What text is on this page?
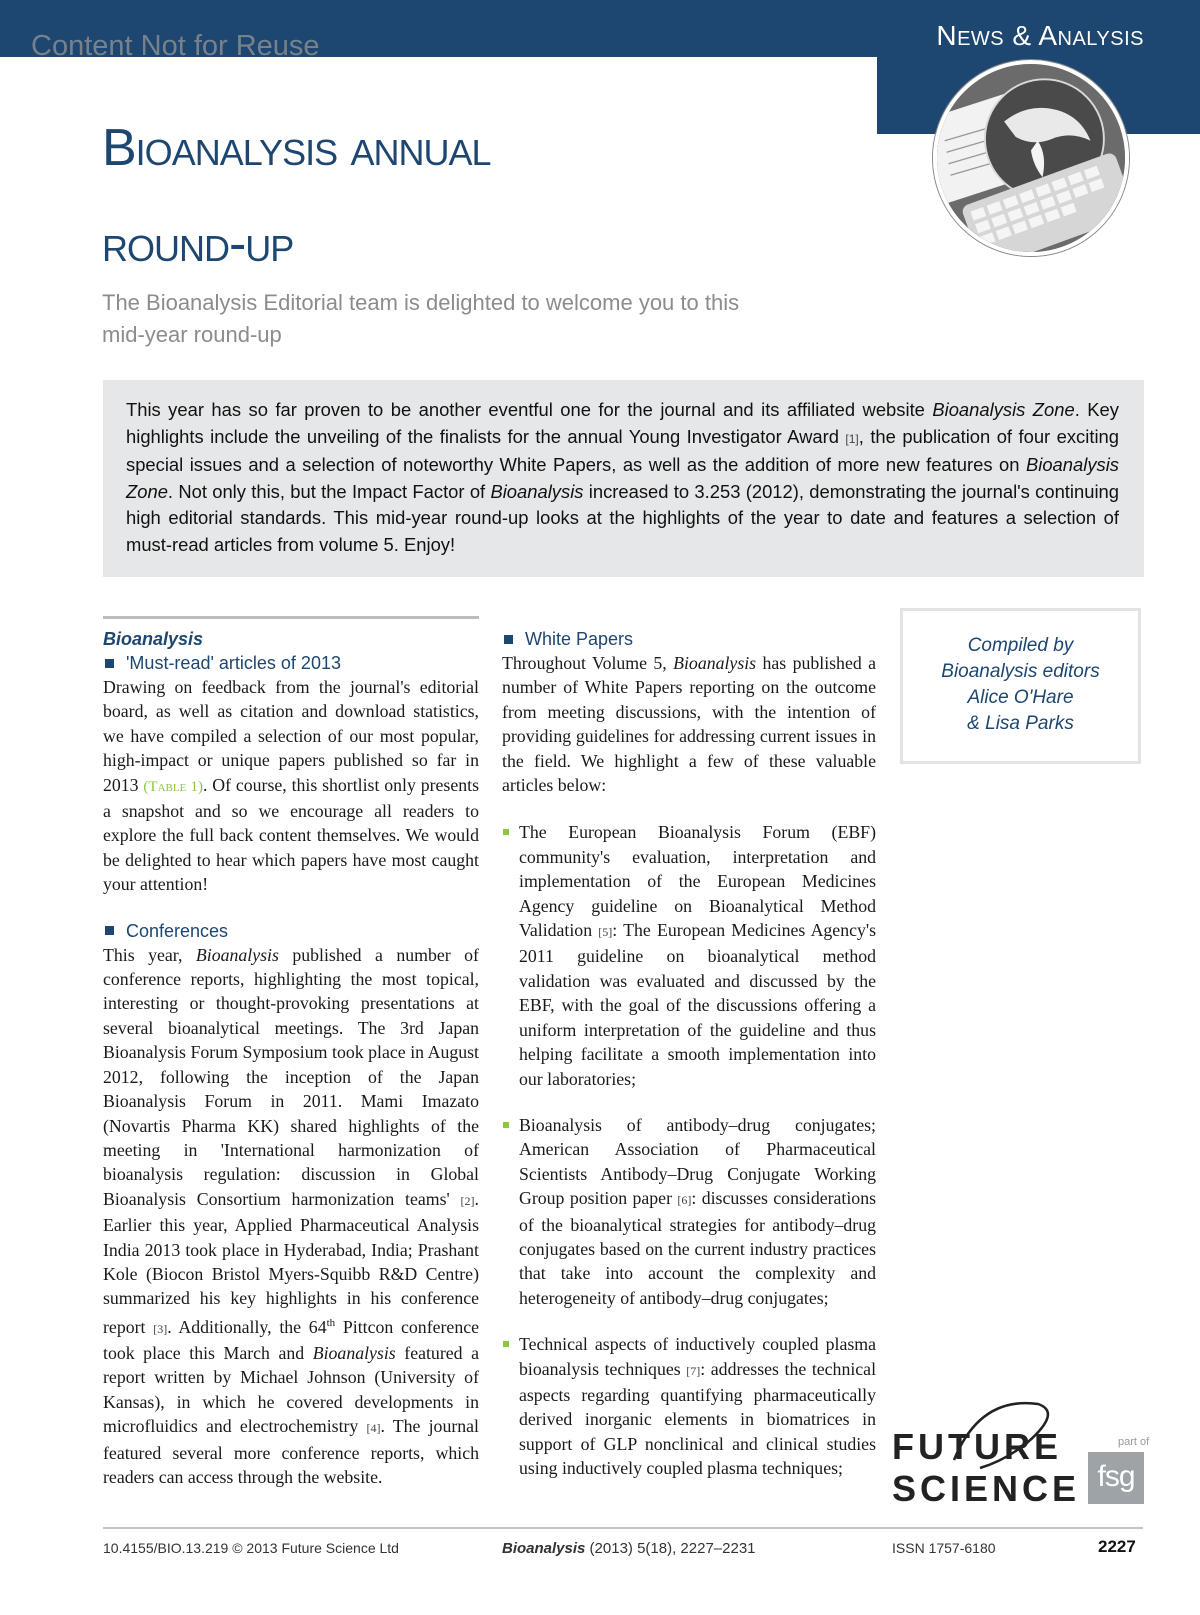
News & Analysis
Content Not for Reuse
Bioanalysis annual
round-up
The Bioanalysis Editorial team is delighted to welcome you to this mid-year round-up
This year has so far proven to be another eventful one for the journal and its affiliated website Bioanalysis Zone. Key highlights include the unveiling of the finalists for the annual Young Investigator Award [1], the publication of four exciting special issues and a selection of noteworthy White Papers, as well as the addition of more new features on Bioanalysis Zone. Not only this, but the Impact Factor of Bioanalysis increased to 3.253 (2012), demonstrating the journal's continuing high editorial standards. This mid-year round-up looks at the highlights of the year to date and features a selection of must-read articles from volume 5. Enjoy!
Bioanalysis
'Must-read' articles of 2013

Drawing on feedback from the journal's editorial board, as well as citation and download statistics, we have compiled a selection of our most popular, high-impact or unique papers published so far in 2013 (Table 1). Of course, this shortlist only presents a snapshot and so we encourage all readers to explore the full back content themselves. We would be delighted to hear which papers have most caught your attention!

Conferences

This year, Bioanalysis published a number of conference reports, highlighting the most topical, interesting or thought-provoking presentations at several bioanalytical meetings. The 3rd Japan Bioanalysis Forum Symposium took place in August 2012, following the inception of the Japan Bioanalysis Forum in 2011. Mami Imazato (Novartis Pharma KK) shared highlights of the meeting in 'International harmonization of bioanalysis regulation: discussion in Global Bioanalysis Consortium harmonization teams' [2]. Earlier this year, Applied Pharmaceutical Analysis India 2013 took place in Hyderabad, India; Prashant Kole (Biocon Bristol Myers-Squibb R&D Centre) summarized his key highlights in his conference report [3]. Additionally, the 64th Pittcon conference took place this March and Bioanalysis featured a report written by Michael Johnson (University of Kansas), in which he covered developments in microfluidics and electrochemistry [4]. The journal featured several more conference reports, which readers can access through the website.

White Papers

Throughout Volume 5, Bioanalysis has published a number of White Papers reporting on the outcome from meeting discussions, with the intention of providing guidelines for addressing current issues in the field. We highlight a few of these valuable articles below:

The European Bioanalysis Forum (EBF) community's evaluation, interpretation and implementation of the European Medicines Agency guideline on Bioanalytical Method Validation [5]: The European Medicines Agency's 2011 guideline on bioanalytical method validation was evaluated and discussed by the EBF, with the goal of the discussions offering a uniform interpretation of the guideline and thus helping facilitate a smooth implementation into our laboratories;
Bioanalysis of antibody–drug conjugates; American Association of Pharmaceutical Scientists Antibody–Drug Conjugate Working Group position paper [6]: discusses considerations of the bioanalytical strategies for antibody–drug conjugates based on the current industry practices that take into account the complexity and heterogeneity of antibody–drug conjugates;
Technical aspects of inductively coupled plasma bioanalysis techniques [7]: addresses the technical aspects regarding quantifying pharmaceutically derived inorganic elements in biomatrices in support of GLP nonclinical and clinical studies using inductively coupled plasma techniques;
Compiled by
Bioanalysis editors
Alice O'Hare
& Lisa Parks
FUTURE
SCIENCE
part of
fsg
10.4155/BIO.13.219 © 2013 Future Science Ltd	Bioanalysis (2013) 5(18), 2227–2231	ISSN 1757-6180	2227
